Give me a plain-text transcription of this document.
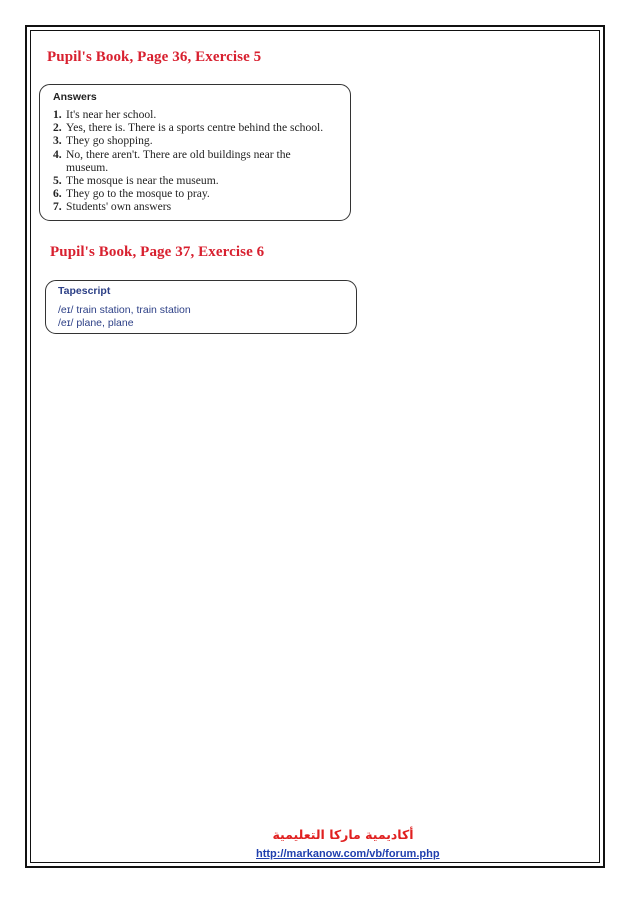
Pupil's Book, Page 36, Exercise 5

Answers

1. It's near her school.
2. Yes, there is. There is a sports centre behind the school.
3. They go shopping.
4. No, there aren't. There are old buildings near the
museum.
5. The mosque is near the museum.
6. They go to the mosque to pray.
7. Students' own answers
Pupil's Book, Page 37, Exercise 6

Tapescript

/eɪ/ train station, train station

/eɪ/ plane, plane

أكاديمية ماركا التعليمية

http://markanow.com/vb/forum.php
